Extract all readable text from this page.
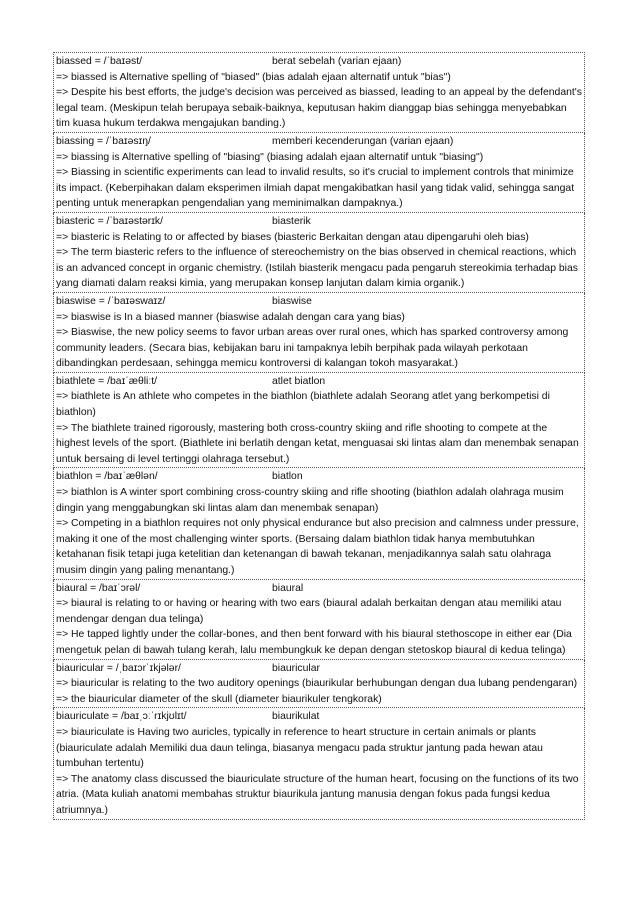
biassed = /ˈbaɪəst/	berat sebelah (varian ejaan)
=> biassed is Alternative spelling of "biased" (bias adalah ejaan alternatif untuk "bias")
=> Despite his best efforts, the judge's decision was perceived as biassed, leading to an appeal by the defendant's legal team. (Meskipun telah berupaya sebaik-baiknya, keputusan hakim dianggap bias sehingga menyebabkan tim kuasa hukum terdakwa mengajukan banding.)
biassing = /ˈbaɪəsɪŋ/	memberi kecenderungan (varian ejaan)
=> biassing is Alternative spelling of "biasing" (biasing adalah ejaan alternatif untuk "biasing")
=> Biassing in scientific experiments can lead to invalid results, so it's crucial to implement controls that minimize its impact. (Keberpihakan dalam eksperimen ilmiah dapat mengakibatkan hasil yang tidak valid, sehingga sangat penting untuk menerapkan pengendalian yang meminimalkan dampaknya.)
biasteric = /ˈbaɪəstərɪk/	biasterik
=> biasteric is Relating to or affected by biases (biasteric Berkaitan dengan atau dipengaruhi oleh bias)
=> The term biasteric refers to the influence of stereochemistry on the bias observed in chemical reactions, which is an advanced concept in organic chemistry. (Istilah biasterik mengacu pada pengaruh stereokimia terhadap bias yang diamati dalam reaksi kimia, yang merupakan konsep lanjutan dalam kimia organik.)
biaswise = /ˈbaɪəswaɪz/	biaswise
=> biaswise is In a biased manner (biaswise adalah dengan cara yang bias)
=> Biaswise, the new policy seems to favor urban areas over rural ones, which has sparked controversy among community leaders. (Secara bias, kebijakan baru ini tampaknya lebih berpihak pada wilayah perkotaan dibandingkan perdesaan, sehingga memicu kontroversi di kalangan tokoh masyarakat.)
biathlete = /baɪˈæθliːt/	atlet biatlon
=> biathlete is An athlete who competes in the biathlon (biathlete adalah Seorang atlet yang berkompetisi di biathlon)
=> The biathlete trained rigorously, mastering both cross-country skiing and rifle shooting to compete at the highest levels of the sport. (Biathlete ini berlatih dengan ketat, menguasai ski lintas alam dan menembak senapan untuk bersaing di level tertinggi olahraga tersebut.)
biathlon = /baɪˈæθlən/	biatlon
=> biathlon is A winter sport combining cross-country skiing and rifle shooting (biathlon adalah olahraga musim dingin yang menggabungkan ski lintas alam dan menembak senapan)
=> Competing in a biathlon requires not only physical endurance but also precision and calmness under pressure, making it one of the most challenging winter sports. (Bersaing dalam biathlon tidak hanya membutuhkan ketahanan fisik tetapi juga ketelitian dan ketenangan di bawah tekanan, menjadikannya salah satu olahraga musim dingin yang paling menantang.)
biaural = /baɪˈɔrəl/	biaural
=> biaural is relating to or having or hearing with two ears (biaural adalah berkaitan dengan atau memiliki atau mendengar dengan dua telinga)
=> He tapped lightly under the collar-bones, and then bent forward with his biaural stethoscope in either ear (Dia mengetuk pelan di bawah tulang kerah, lalu membungkuk ke depan dengan stetoskop biaural di kedua telinga)
biauricular = /ˌbaɪɔrˈɪkjələr/	biauricular
=> biauricular is relating to the two auditory openings (biaurikular berhubungan dengan dua lubang pendengaran)
=> the biauricular diameter of the skull (diameter biaurikuler tengkorak)
biauriculate = /baɪˌɔːˈrɪkjʊlɪt/	biaurikulat
=> biauriculate is Having two auricles, typically in reference to heart structure in certain animals or plants (biauriculate adalah Memiliki dua daun telinga, biasanya mengacu pada struktur jantung pada hewan atau tumbuhan tertentu)
=> The anatomy class discussed the biauriculate structure of the human heart, focusing on the functions of its two atria. (Mata kuliah anatomi membahas struktur biaurikula jantung manusia dengan fokus pada fungsi kedua atriumnya.)
